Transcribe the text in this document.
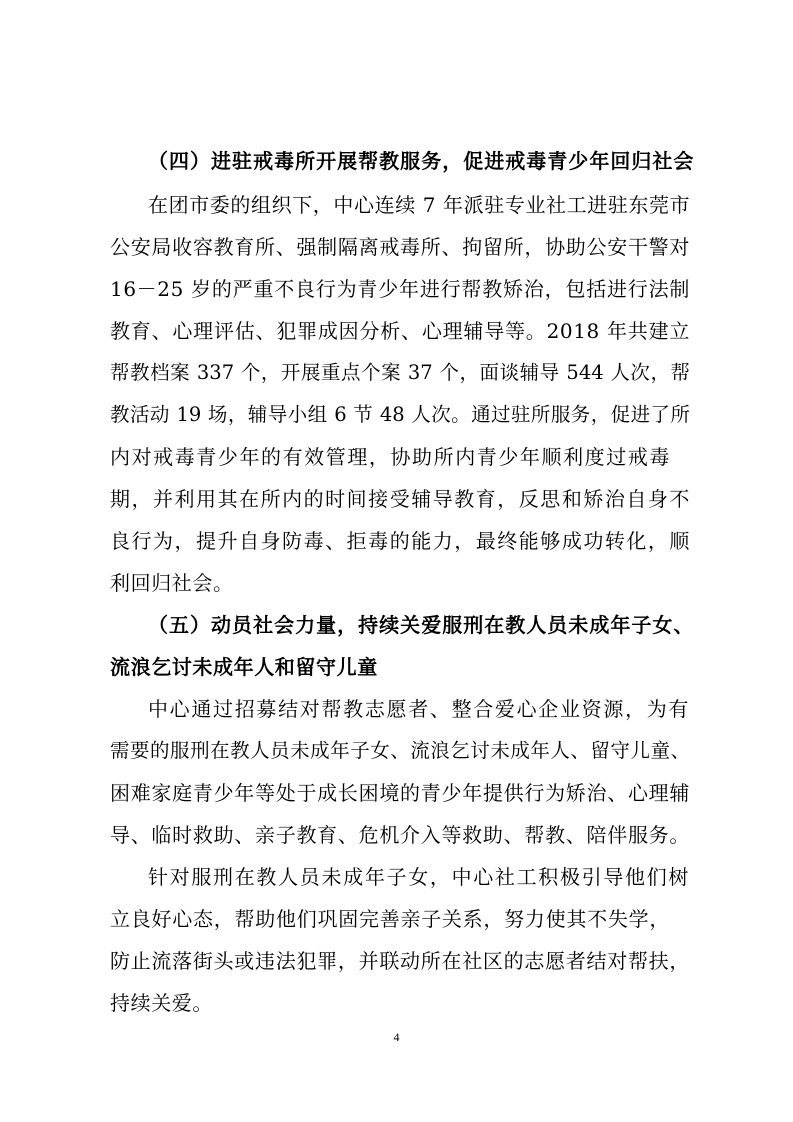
（四）进驻戒毒所开展帮教服务，促进戒毒青少年回归社会
在团市委的组织下，中心连续 7 年派驻专业社工进驻东莞市
公安局收容教育所、强制隔离戒毒所、拘留所，协助公安干警对
16－25 岁的严重不良行为青少年进行帮教矫治，包括进行法制
教育、心理评估、犯罪成因分析、心理辅导等。2018 年共建立
帮教档案 337 个，开展重点个案 37 个，面谈辅导 544 人次，帮
教活动 19 场，辅导小组 6 节 48 人次。通过驻所服务，促进了所
内对戒毒青少年的有效管理，协助所内青少年顺利度过戒毒
期，并利用其在所内的时间接受辅导教育，反思和矫治自身不
良行为，提升自身防毒、拒毒的能力，最终能够成功转化，顺
利回归社会。
（五）动员社会力量，持续关爱服刑在教人员未成年子女、
流浪乞讨未成年人和留守儿童
中心通过招募结对帮教志愿者、整合爱心企业资源，为有
需要的服刑在教人员未成年子女、流浪乞讨未成年人、留守儿童、
困难家庭青少年等处于成长困境的青少年提供行为矫治、心理辅
导、临时救助、亲子教育、危机介入等救助、帮教、陪伴服务。
针对服刑在教人员未成年子女，中心社工积极引导他们树
立良好心态，帮助他们巩固完善亲子关系，努力使其不失学，
防止流落街头或违法犯罪，并联动所在社区的志愿者结对帮扶，
持续关爱。
4
